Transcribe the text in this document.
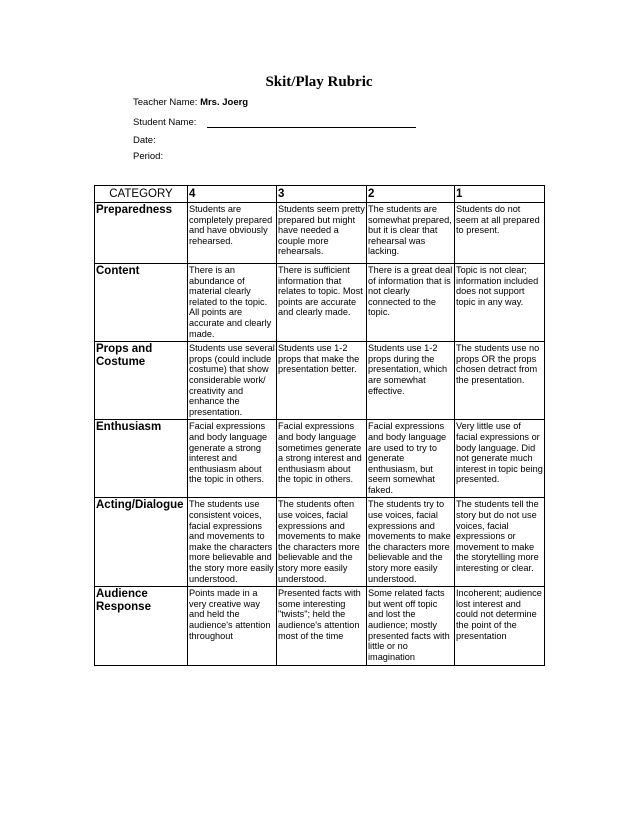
Skit/Play Rubric
Teacher Name: Mrs. Joerg
Student Name:
Date:
Period:
CATEGORY	4	3	2	1
Preparedness	Students are completely prepared and have obviously rehearsed.	Students seem pretty prepared but might have needed a couple more rehearsals.	The students are somewhat prepared, but it is clear that rehearsal was lacking.	Students do not seem at all prepared to present.
Content	There is an abundance of material clearly related to the topic. All points are accurate and clearly made.	There is sufficient information that relates to topic. Most points are accurate and clearly made.	There is a great deal of information that is not clearly connected to the topic.	Topic is not clear; information included does not support topic in any way.
Props and Costume	Students use several props (could include costume) that show considerable work/ creativity and enhance the presentation.	Students use 1-2 props that make the presentation better.	Students use 1-2 props during the presentation, which are somewhat effective.	The students use no props OR the props chosen detract from the presentation.
Enthusiasm	Facial expressions and body language generate a strong interest and enthusiasm about the topic in others.	Facial expressions and body language sometimes generate a strong interest and enthusiasm about the topic in others.	Facial expressions and body language are used to try to generate enthusiasm, but seem somewhat faked.	Very little use of facial expressions or body language. Did not generate much interest in topic being presented.
Acting/Dialogue	The students use consistent voices, facial expressions and movements to make the characters more believable and the story more easily understood.	The students often use voices, facial expressions and movements to make the characters more believable and the story more easily understood.	The students try to use voices, facial expressions and movements to make the characters more believable and the story more easily understood.	The students tell the story but do not use voices, facial expressions or movement to make the storytelling more interesting or clear.
Audience Response	Points made in a very creative way and held the audience's attention throughout	Presented facts with some interesting "twists"; held the audience's attention most of the time	Some related facts but went off topic and lost the audience; mostly presented facts with little or no imagination	Incoherent; audience lost interest and could not determine the point of the presentation
